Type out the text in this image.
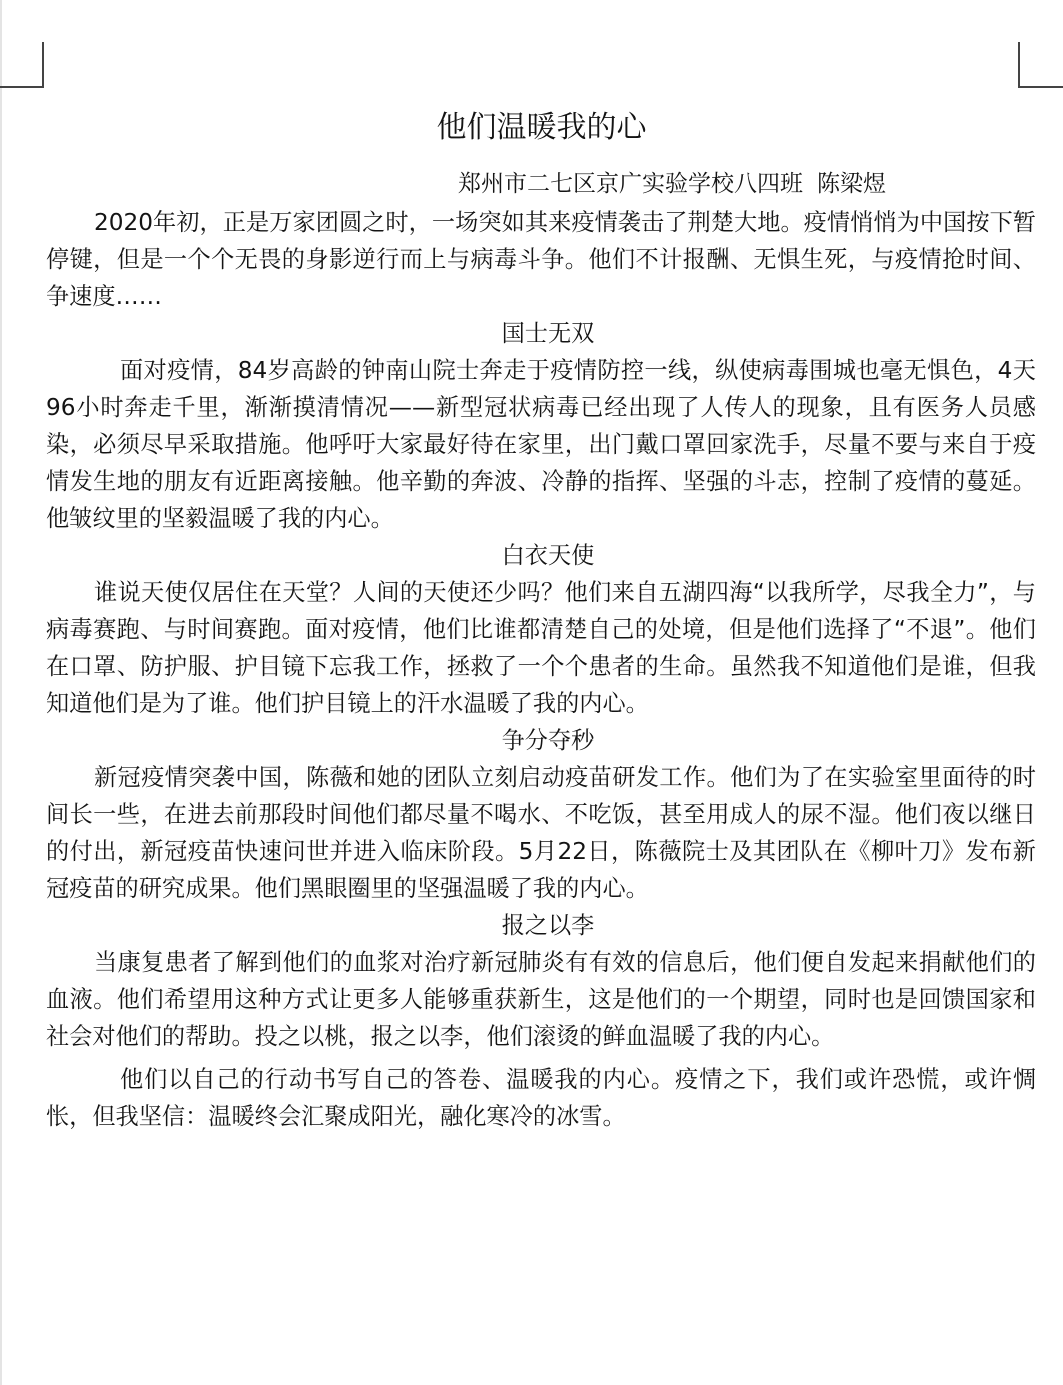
他们温暖我的心
郑州市二七区京广实验学校八四班 陈梁煜

2020年初，正是万家团圆之时，一场突如其来疫情袭击了荆楚大地。疫情悄悄为中国按下暂停键，但是一个个无畏的身影逆行而上与病毒斗争。他们不计报酬、无惧生死，与疫情抢时间、争速度……

国士无双

面对疫情，84岁高龄的钟南山院士奔走于疫情防控一线，纵使病毒围城也毫无惧色，4天96小时奔走千里，渐渐摸清情况——新型冠状病毒已经出现了人传人的现象，且有医务人员感染，必须尽早采取措施。他呼吁大家最好待在家里，出门戴口罩回家洗手，尽量不要与来自于疫情发生地的朋友有近距离接触。他辛勤的奔波、冷静的指挥、坚强的斗志，控制了疫情的蔓延。他皱纹里的坚毅温暖了我的内心。

白衣天使

谁说天使仅居住在天堂？人间的天使还少吗？他们来自五湖四海“以我所学，尽我全力”，与病毒赛跑、与时间赛跑。面对疫情，他们比谁都清楚自己的处境，但是他们选择了“不退”。他们在口罩、防护服、护目镜下忘我工作，拯救了一个个患者的生命。虽然我不知道他们是谁，但我知道他们是为了谁。他们护目镜上的汗水温暖了我的内心。

争分夺秒

新冠疫情突袭中国，陈薇和她的团队立刻启动疫苗研发工作。他们为了在实验室里面待的时间长一些，在进去前那段时间他们都尽量不喝水、不吃饭，甚至用成人的尿不湿。他们夜以继日的付出，新冠疫苗快速问世并进入临床阶段。5月22日，陈薇院士及其团队在《柳叶刀》发布新冠疫苗的研究成果。他们黑眼圈里的坚强温暖了我的内心。

报之以李

当康复患者了解到他们的血浆对治疗新冠肺炎有有效的信息后，他们便自发起来捐献他们的血液。他们希望用这种方式让更多人能够重获新生，这是他们的一个期望，同时也是回馈国家和社会对他们的帮助。投之以桃，报之以李，他们滚烫的鲜血温暖了我的内心。

他们以自己的行动书写自己的答卷、温暖我的内心。疫情之下，我们或许恐慌，或许惆怅，但我坚信：温暖终会汇聚成阳光，融化寒冷的冰雪。
